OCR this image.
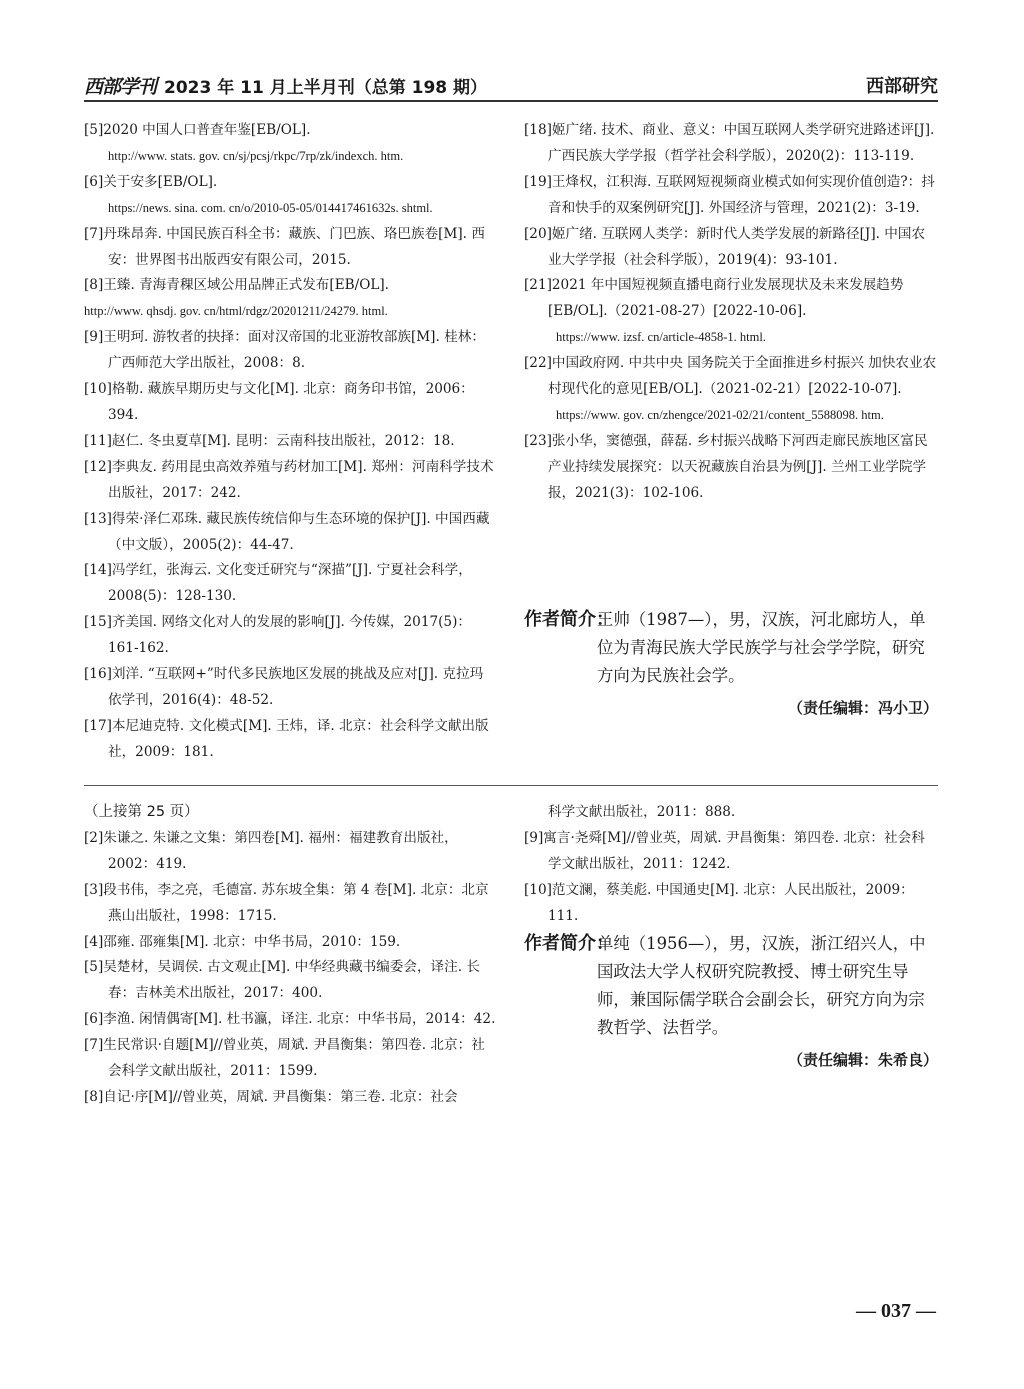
西部学刊 2023 年 11 月上半月刊（总第 198 期）	西部研究
[5]2020 中国人口普查年鉴[EB/OL].
http://www. stats. gov. cn/sj/pcsj/rkpc/7rp/zk/indexch. htm.
[6]关于安多[EB/OL].
https://news. sina. com. cn/o/2010-05-05/014417461632s. shtml.
[7]丹珠昂奔. 中国民族百科全书：藏族、门巴族、珞巴族卷[M]. 西安：世界图书出版西安有限公司，2015.
[8]王臻. 青海青稞区域公用品牌正式发布[EB/OL].
http://www. qhsdj. gov. cn/html/rdgz/20201211/24279. html.
[9]王明珂. 游牧者的抉择：面对汉帝国的北亚游牧部族[M]. 桂林：广西师范大学出版社，2008：8.
[10]格勒. 藏族早期历史与文化[M]. 北京：商务印书馆，2006：394.
[11]赵仁. 冬虫夏草[M]. 昆明：云南科技出版社，2012：18.
[12]李典友. 药用昆虫高效养殖与药材加工[M]. 郑州：河南科学技术出版社，2017：242.
[13]得荣·泽仁邓珠. 藏民族传统信仰与生态环境的保护[J]. 中国西藏（中文版），2005(2)：44-47.
[14]冯学红，张海云. 文化变迁研究与“深描”[J]. 宁夏社会科学，2008(5)：128-130.
[15]齐美国. 网络文化对人的发展的影响[J]. 今传媒，2017(5)：161-162.
[16]刘洋. “互联网+”时代多民族地区发展的挑战及应对[J]. 克拉玛依学刊，2016(4)：48-52.
[17]本尼迪克特. 文化模式[M]. 王炜，译. 北京：社会科学文献出版社，2009：181.
[18]姬广绪. 技术、商业、意义：中国互联网人类学研究进路述评[J]. 广西民族大学学报（哲学社会科学版），2020(2)：113-119.
[19]王烽权，江积海. 互联网短视频商业模式如何实现价值创造?：抖音和快手的双案例研究[J]. 外国经济与管理，2021(2)：3-19.
[20]姬广绪. 互联网人类学：新时代人类学发展的新路径[J]. 中国农业大学学报（社会科学版），2019(4)：93-101.
[21]2021 年中国短视频直播电商行业发展现状及未来发展趋势[EB/OL].（2021-08-27）[2022-10-06].
https://www. izsf. cn/article-4858-1. html.
[22]中国政府网. 中共中央 国务院关于全面推进乡村振兴 加快农业农村现代化的意见[EB/OL].（2021-02-21）[2022-10-07].
https://www. gov. cn/zhengce/2021-02/21/content_5588098. htm.
[23]张小华，窦德强，薛磊. 乡村振兴战略下河西走廊民族地区富民产业持续发展探究：以天祝藏族自治县为例[J]. 兰州工业学院学报，2021(3)：102-106.
作者简介：
王帅（1987—），男，汉族，河北廊坊人，单位为青海民族大学民族学与社会学学院，研究方向为民族社会学。
（责任编辑：冯小卫）
（上接第 25 页）
[2]朱谦之. 朱谦之文集：第四卷[M]. 福州：福建教育出版社，2002：419.
[3]段书伟，李之亮，毛德富. 苏东坡全集：第 4 卷[M]. 北京：北京燕山出版社，1998：1715.
[4]邵雍. 邵雍集[M]. 北京：中华书局，2010：159.
[5]吴楚材，吴调侯. 古文观止[M]. 中华经典藏书编委会，译注. 长春：吉林美术出版社，2017：400.
[6]李渔. 闲情偶寄[M]. 杜书瀛，译注. 北京：中华书局，2014：42.
[7]生民常识·自题[M]//曾业英，周斌. 尹昌衡集：第四卷. 北京：社会科学文献出版社，2011：1599.
[8]自记·序[M]//曾业英，周斌. 尹昌衡集：第三卷. 北京：社会
科学文献出版社，2011：888.
[9]寓言·尧舜[M]//曾业英，周斌. 尹昌衡集：第四卷. 北京：社会科学文献出版社，2011：1242.
[10]范文澜，蔡美彪. 中国通史[M]. 北京：人民出版社，2009：111.
作者简介：
单纯（1956—），男，汉族，浙江绍兴人，中国政法大学人权研究院教授、博士研究生导师，兼国际儒学联合会副会长，研究方向为宗教哲学、法哲学。
（责任编辑：朱希良）
— 037 —
